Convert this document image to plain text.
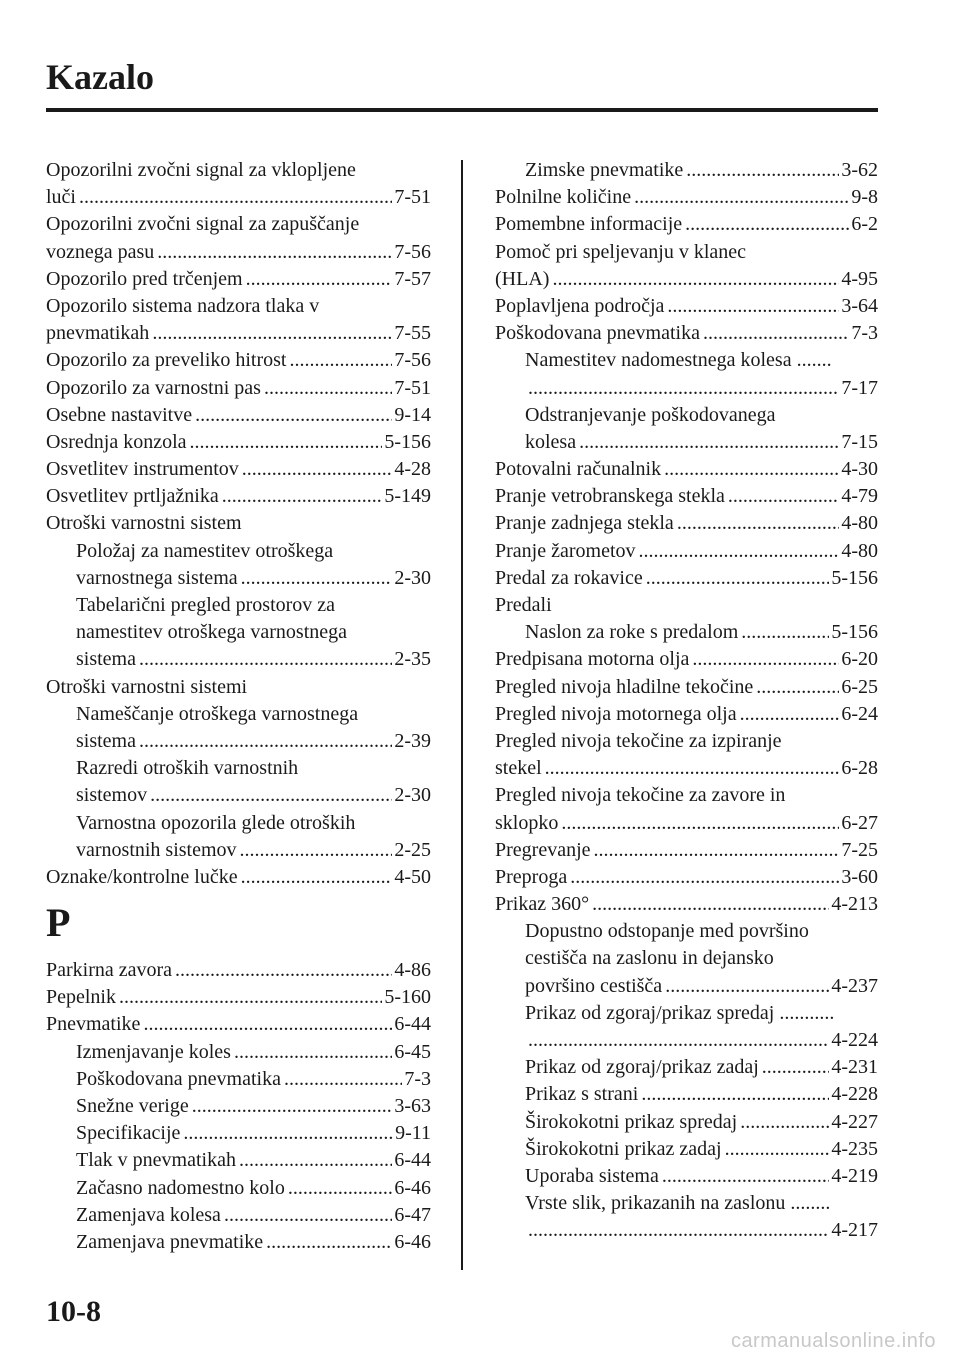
Kazalo
Opozorilni zvočni signal za vklopljene
luči .....	7-51
Opozorilni zvočni signal za zapuščanje
voznega pasu .....	7-56
Opozorilo pred trčenjem .....	7-57
Opozorilo sistema nadzora tlaka v
pnevmatikah .....	7-55
Opozorilo za preveliko hitrost .....	7-56
Opozorilo za varnostni pas .....	7-51
Osebne nastavitve .....	9-14
Osrednja konzola .....	5-156
Osvetlitev instrumentov .....	4-28
Osvetlitev prtljažnika .....	5-149
Otroški varnostni sistem
Položaj za namestitev otroškega
varnostnega sistema .....	2-30
Tabelarični pregled prostorov za
namestitev otroškega varnostnega
sistema .....	2-35
Otroški varnostni sistemi
Nameščanje otroškega varnostnega
sistema .....	2-39
Razredi otroških varnostnih
sistemov .....	2-30
Varnostna opozorila glede otroških
varnostnih sistemov .....	2-25
Oznake/kontrolne lučke .....	4-50
P
Parkirna zavora .....	4-86
Pepelnik .....	5-160
Pnevmatike .....	6-44
Izmenjavanje koles .....	6-45
Poškodovana pnevmatika .....	7-3
Snežne verige .....	3-63
Specifikacije .....	9-11
Tlak v pnevmatikah .....	6-44
Začasno nadomestno kolo .....	6-46
Zamenjava kolesa .....	6-47
Zamenjava pnevmatike .....	6-46
Zimske pnevmatike .....	3-62
Polnilne količine .....	9-8
Pomembne informacije .....	6-2
Pomoč pri speljevanju v klanec
(HLA) .....	4-95
Poplavljena področja .....	3-64
Poškodovana pnevmatika .....	7-3
Namestitev nadomestnega kolesa .......
.....
7-17
Odstranjevanje poškodovanega
kolesa .....	7-15
Potovalni računalnik .....	4-30
Pranje vetrobranskega stekla .....	4-79
Pranje zadnjega stekla .....	4-80
Pranje žarometov .....	4-80
Predal za rokavice .....	5-156
Predali
Naslon za roke s predalom .....	5-156
Predpisana motorna olja .....	6-20
Pregled nivoja hladilne tekočine .....	6-25
Pregled nivoja motornega olja .....	6-24
Pregled nivoja tekočine za izpiranje
stekel .....	6-28
Pregled nivoja tekočine za zavore in
sklopko .....	6-27
Pregrevanje .....	7-25
Preproga .....	3-60
Prikaz 360° .....	4-213
Dopustno odstopanje med površino
cestišča na zaslonu in dejansko
površino cestišča .....	4-237
Prikaz od zgoraj/prikaz spredaj ...........
.....
4-224
Prikaz od zgoraj/prikaz zadaj .....	4-231
Prikaz s strani .....	4-228
Širokokotni prikaz spredaj .....	4-227
Širokokotni prikaz zadaj .....	4-235
Uporaba sistema .....	4-219
Vrste slik, prikazanih na zaslonu ........
.....
4-217
10-8
carmanualsonline.info
